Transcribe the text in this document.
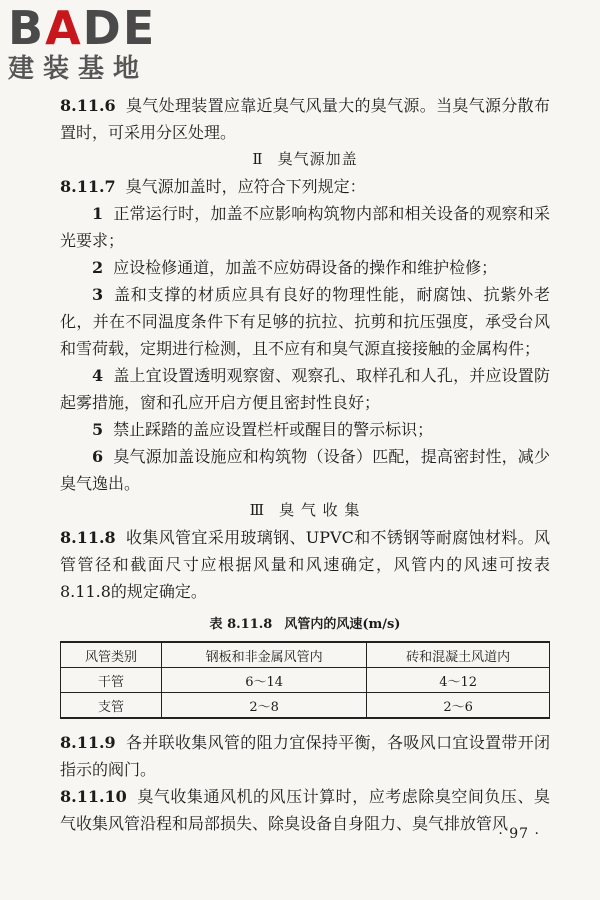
BADE
建装基地

8.11.6 臭气处理装置应靠近臭气风量大的臭气源。当臭气源分散布置时，可采用分区处理。

Ⅱ 臭气源加盖

8.11.7 臭气源加盖时，应符合下列规定：

1 正常运行时，加盖不应影响构筑物内部和相关设备的观察和采光要求；

2 应设检修通道，加盖不应妨碍设备的操作和维护检修；

3 盖和支撑的材质应具有良好的物理性能，耐腐蚀、抗紫外老化，并在不同温度条件下有足够的抗拉、抗剪和抗压强度，承受台风和雪荷载，定期进行检测，且不应有和臭气源直接接触的金属构件；

4 盖上宜设置透明观察窗、观察孔、取样孔和人孔，并应设置防起雾措施，窗和孔应开启方便且密封性良好；

5 禁止踩踏的盖应设置栏杆或醒目的警示标识；

6 臭气源加盖设施应和构筑物（设备）匹配，提高密封性，减少臭气逸出。

Ⅲ 臭 气 收 集

8.11.8 收集风管宜采用玻璃钢、UPVC和不锈钢等耐腐蚀材料。风管管径和截面尺寸应根据风量和风速确定，风管内的风速可按表8.11.8的规定确定。

表 8.11.8 风管内的风速(m/s)
风管类别	钢板和非金属风管内	砖和混凝土风道内
干管	6～14	4～12
支管	2～8	2～6

8.11.9 各并联收集风管的阻力宜保持平衡，各吸风口宜设置带开闭指示的阀门。

8.11.10 臭气收集通风机的风压计算时，应考虑除臭空间负压、臭气收集风管沿程和局部损失、除臭设备自身阻力、臭气排放管风

· 97 ·
